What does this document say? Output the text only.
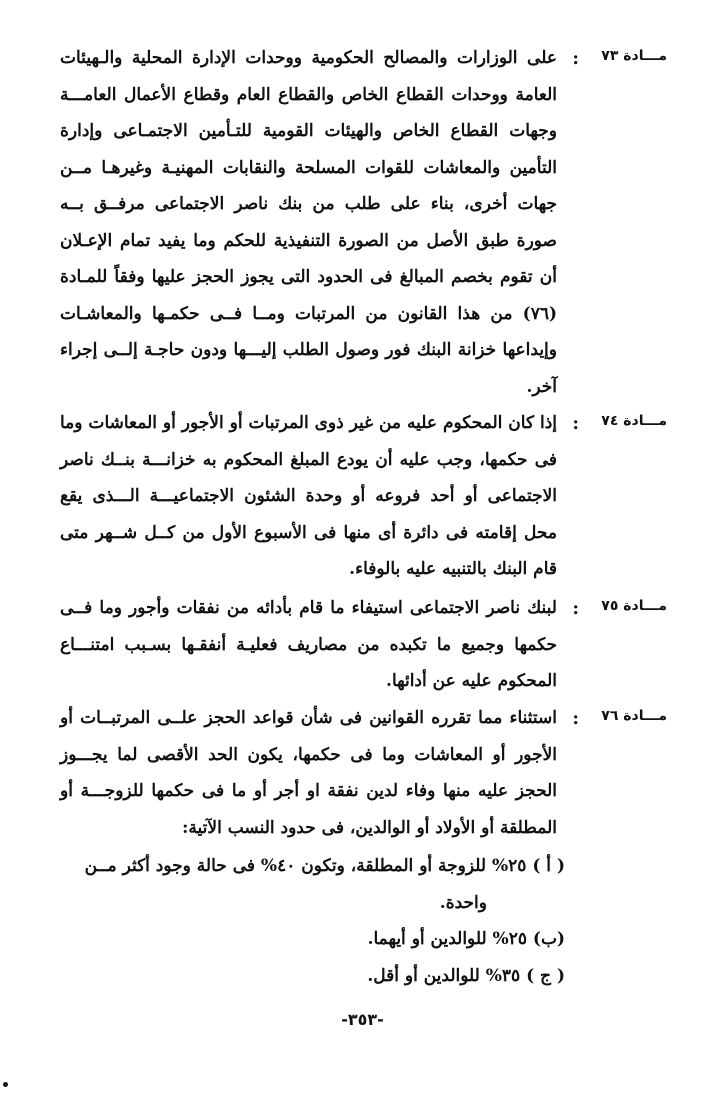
مـــادة ٧٣
:

على الوزارات والمصالح الحكومية ووحدات الإدارة المحلية والـهيئات العامة ووحدات القطاع الخاص والقطاع العام وقطاع الأعمال العامـــة وجهات القطاع الخاص والهيئات القومية للتـأمين الاجتمـاعى وإدارة التأمين والمعاشات للقوات المسلحة والنقابات المهنيـة وغيرهـا مــن جهات أخرى، بناء على طلب من بنك ناصر الاجتماعى مرفــق بــه صورة طبق الأصل من الصورة التنفيذية للحكم وما يفيد تمام الإعـلان أن تقوم بخصم المبالغ فى الحدود التى يجوز الحجز عليها وفقاً للمـادة (٧٦) من هذا القانون من المرتبات ومــا فــى حكمـها والمعاشـات وإيداعها خزانة البنك فور وصول الطلب إليـــها ودون حاجـة إلــى إجراء آخر.

مـــادة ٧٤
:

إذا كان المحكوم عليه من غير ذوى المرتبات أو الأجور أو المعاشات وما فى حكمها، وجب عليه أن يودع المبلغ المحكوم به خزانـــة بنــك ناصر الاجتماعى أو أحد فروعه أو وحدة الشئون الاجتماعيـــة الـــذى يقع محل إقامته فى دائرة أى منها فى الأسبوع الأول من كــل شــهر متى قام البنك بالتنبيه عليه بالوفاء.

مـــادة ٧٥
:

لبنك ناصر الاجتماعى استيفاء ما قام بأدائه من نفقات وأجور وما فــى حكمها وجميع ما تكبده من مصاريف فعليـة أنفقـها بسـبب امتنـــاع المحكوم عليه عن أدائها.

مـــادة ٧٦
:

استثناء مما تقرره القوانين فى شأن قواعد الحجز علــى المرتبــات أو الأجور أو المعاشات وما فى حكمها، يكون الحد الأقصى لما يجـــوز الحجز عليه منها وفاء لدين نفقة او أجر أو ما فى حكمها للزوجـــة أو المطلقة أو الأولاد أو الوالدين، فى حدود النسب الآتية:

( أ ) ٢٥% للزوجة أو المطلقة، وتكون ٤٠% فى حالة وجود أكثر مــن
واحدة.
(ب) ٢٥% للوالدين أو أيهما.
( ج ) ٣٥% للوالدين أو أقل.
-٣٥٣-
